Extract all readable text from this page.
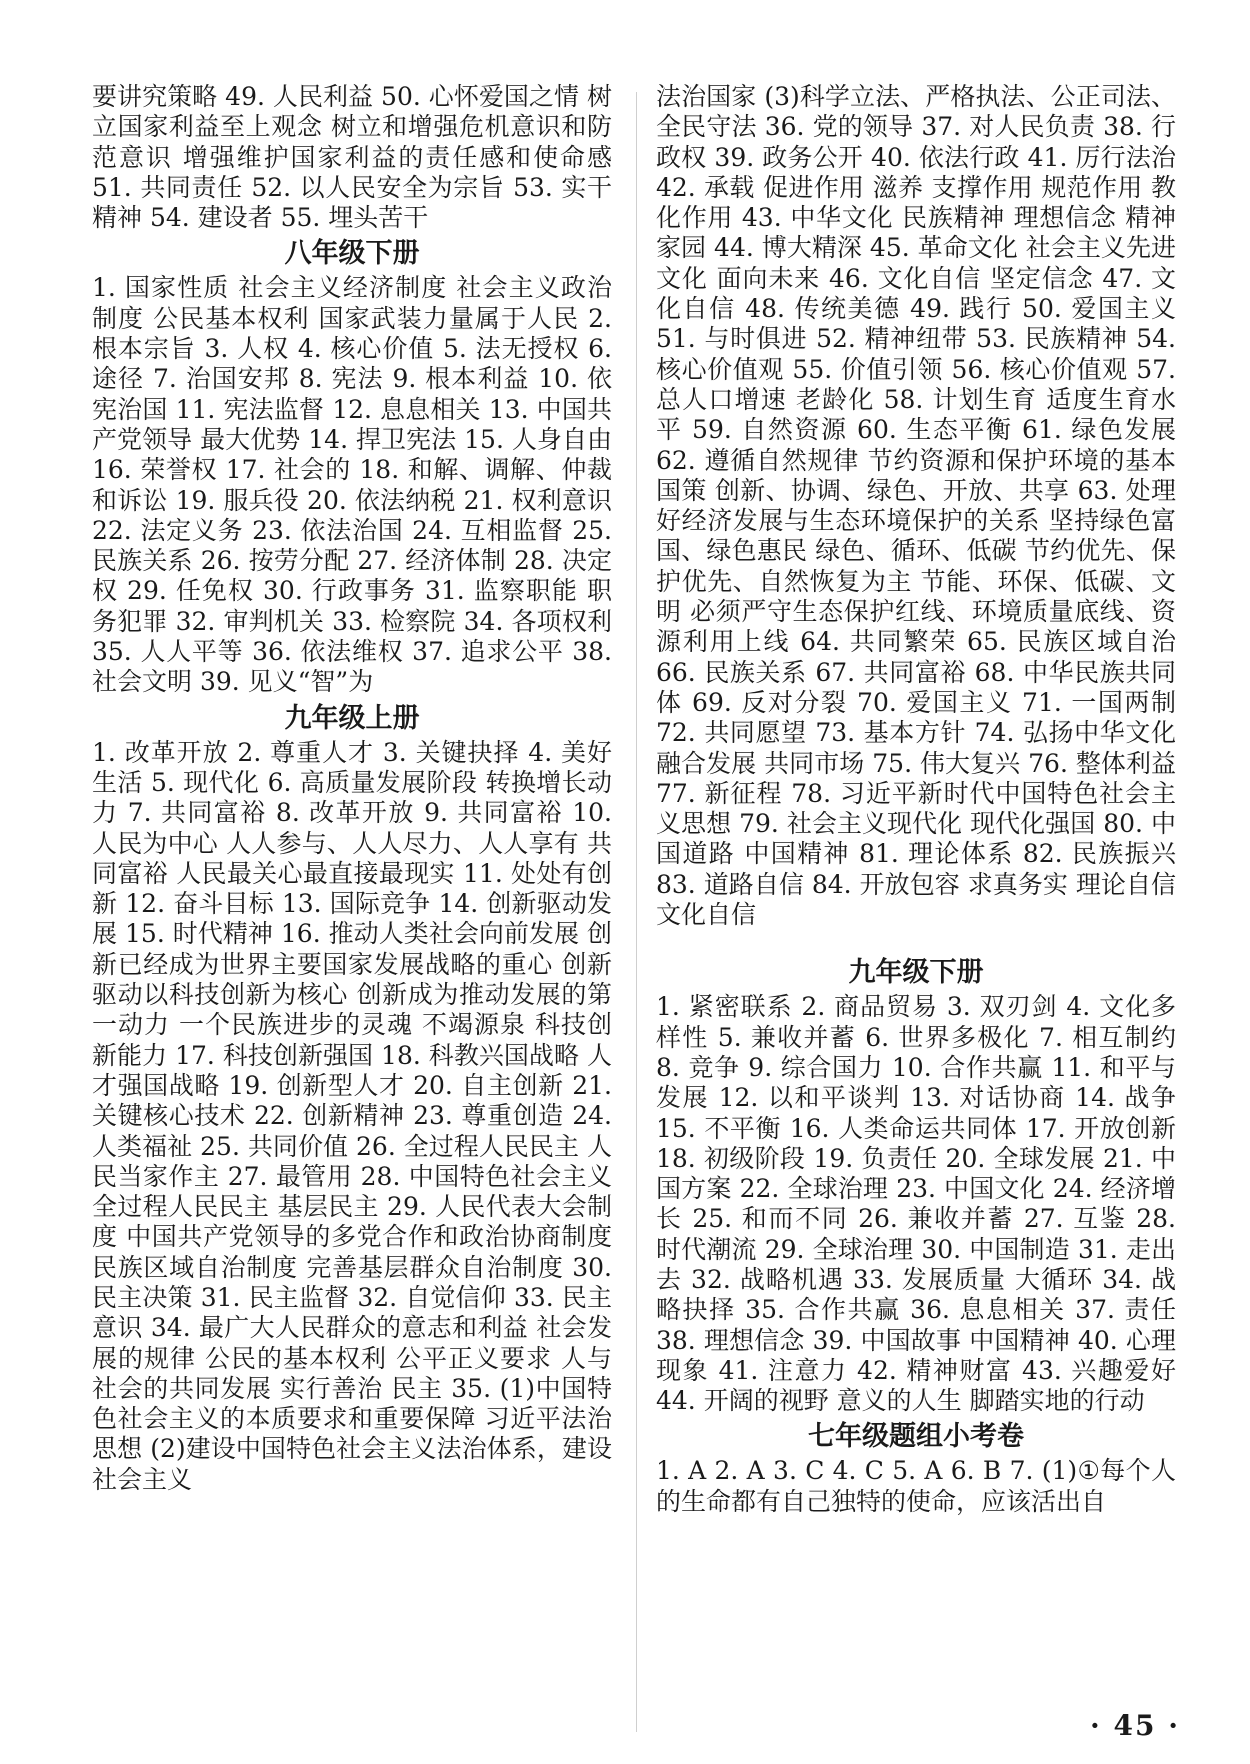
要讲究策略 49. 人民利益 50. 心怀爱国之情 树立国家利益至上观念 树立和增强危机意识和防范意识 增强维护国家利益的责任感和使命感 51. 共同责任 52. 以人民安全为宗旨 53. 实干精神 54. 建设者 55. 埋头苦干

八年级下册

1. 国家性质 社会主义经济制度 社会主义政治制度 公民基本权利 国家武装力量属于人民 2. 根本宗旨 3. 人权 4. 核心价值 5. 法无授权 6. 途径 7. 治国安邦 8. 宪法 9. 根本利益 10. 依宪治国 11. 宪法监督 12. 息息相关 13. 中国共产党领导 最大优势 14. 捍卫宪法 15. 人身自由 16. 荣誉权 17. 社会的 18. 和解、调解、仲裁和诉讼 19. 服兵役 20. 依法纳税 21. 权利意识 22. 法定义务 23. 依法治国 24. 互相监督 25. 民族关系 26. 按劳分配 27. 经济体制 28. 决定权 29. 任免权 30. 行政事务 31. 监察职能 职务犯罪 32. 审判机关 33. 检察院 34. 各项权利 35. 人人平等 36. 依法维权 37. 追求公平 38. 社会文明 39. 见义“智”为

九年级上册

1. 改革开放 2. 尊重人才 3. 关键抉择 4. 美好生活 5. 现代化 6. 高质量发展阶段 转换增长动力 7. 共同富裕 8. 改革开放 9. 共同富裕 10. 人民为中心 人人参与、人人尽力、人人享有 共同富裕 人民最关心最直接最现实 11. 处处有创新 12. 奋斗目标 13. 国际竞争 14. 创新驱动发展 15. 时代精神 16. 推动人类社会向前发展 创新已经成为世界主要国家发展战略的重心 创新驱动以科技创新为核心 创新成为推动发展的第一动力 一个民族进步的灵魂 不竭源泉 科技创新能力 17. 科技创新强国 18. 科教兴国战略 人才强国战略 19. 创新型人才 20. 自主创新 21. 关键核心技术 22. 创新精神 23. 尊重创造 24. 人类福祉 25. 共同价值 26. 全过程人民民主 人民当家作主 27. 最管用 28. 中国特色社会主义 全过程人民民主 基层民主 29. 人民代表大会制度 中国共产党领导的多党合作和政治协商制度 民族区域自治制度 完善基层群众自治制度 30. 民主决策 31. 民主监督 32. 自觉信仰 33. 民主意识 34. 最广大人民群众的意志和利益 社会发展的规律 公民的基本权利 公平正义要求 人与社会的共同发展 实行善治 民主 35. (1)中国特色社会主义的本质要求和重要保障 习近平法治思想 (2)建设中国特色社会主义法治体系，建设社会主义

法治国家 (3)科学立法、严格执法、公正司法、全民守法 36. 党的领导 37. 对人民负责 38. 行政权 39. 政务公开 40. 依法行政 41. 厉行法治 42. 承载 促进作用 滋养 支撑作用 规范作用 教化作用 43. 中华文化 民族精神 理想信念 精神家园 44. 博大精深 45. 革命文化 社会主义先进文化 面向未来 46. 文化自信 坚定信念 47. 文化自信 48. 传统美德 49. 践行 50. 爱国主义 51. 与时俱进 52. 精神纽带 53. 民族精神 54. 核心价值观 55. 价值引领 56. 核心价值观 57. 总人口增速 老龄化 58. 计划生育 适度生育水平 59. 自然资源 60. 生态平衡 61. 绿色发展 62. 遵循自然规律 节约资源和保护环境的基本国策 创新、协调、绿色、开放、共享 63. 处理好经济发展与生态环境保护的关系 坚持绿色富国、绿色惠民 绿色、循环、低碳 节约优先、保护优先、自然恢复为主 节能、环保、低碳、文明 必须严守生态保护红线、环境质量底线、资源利用上线 64. 共同繁荣 65. 民族区域自治 66. 民族关系 67. 共同富裕 68. 中华民族共同体 69. 反对分裂 70. 爱国主义 71. 一国两制 72. 共同愿望 73. 基本方针 74. 弘扬中华文化 融合发展 共同市场 75. 伟大复兴 76. 整体利益 77. 新征程 78. 习近平新时代中国特色社会主义思想 79. 社会主义现代化 现代化强国 80. 中国道路 中国精神 81. 理论体系 82. 民族振兴 83. 道路自信 84. 开放包容 求真务实 理论自信 文化自信

九年级下册

1. 紧密联系 2. 商品贸易 3. 双刃剑 4. 文化多样性 5. 兼收并蓄 6. 世界多极化 7. 相互制约 8. 竞争 9. 综合国力 10. 合作共赢 11. 和平与发展 12. 以和平谈判 13. 对话协商 14. 战争 15. 不平衡 16. 人类命运共同体 17. 开放创新 18. 初级阶段 19. 负责任 20. 全球发展 21. 中国方案 22. 全球治理 23. 中国文化 24. 经济增长 25. 和而不同 26. 兼收并蓄 27. 互鉴 28. 时代潮流 29. 全球治理 30. 中国制造 31. 走出去 32. 战略机遇 33. 发展质量 大循环 34. 战略抉择 35. 合作共赢 36. 息息相关 37. 责任 38. 理想信念 39. 中国故事 中国精神 40. 心理现象 41. 注意力 42. 精神财富 43. 兴趣爱好 44. 开阔的视野 意义的人生 脚踏实地的行动

七年级题组小考卷

1. A 2. A 3. C 4. C 5. A 6. B 7. (1)①每个人的生命都有自己独特的使命，应该活出自

· 45 ·
